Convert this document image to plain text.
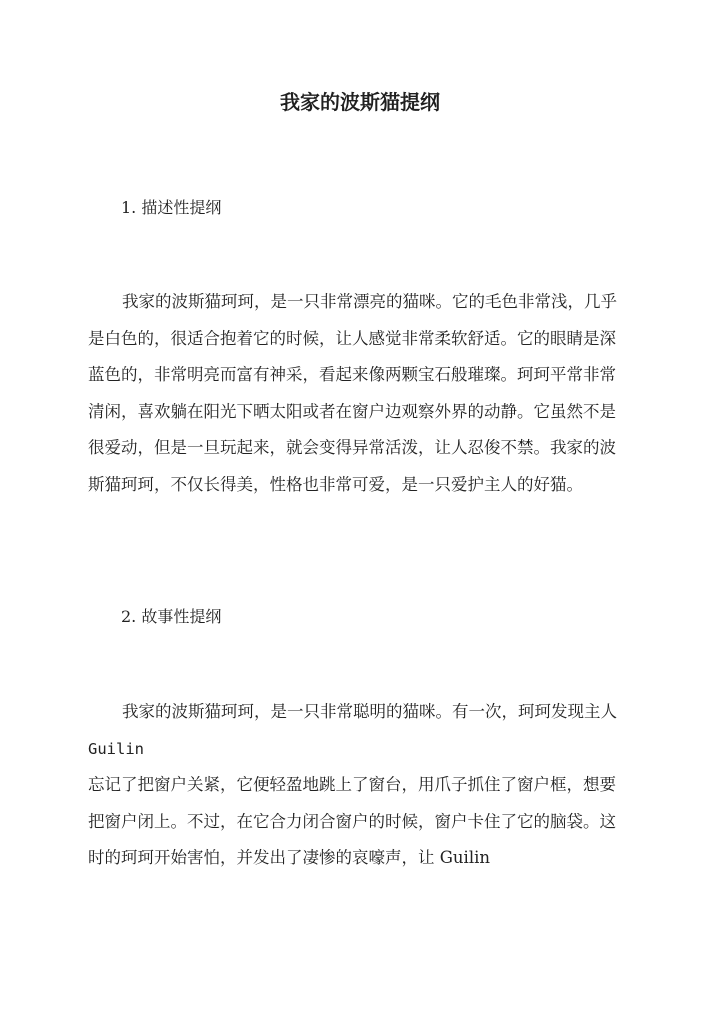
我家的波斯猫提纲
1. 描述性提纲
我家的波斯猫珂珂，是一只非常漂亮的猫咪。它的毛色非常浅，几乎
是白色的，很适合抱着它的时候，让人感觉非常柔软舒适。它的眼睛是深
蓝色的，非常明亮而富有神采，看起来像两颗宝石般璀璨。珂珂平常非常
清闲，喜欢躺在阳光下晒太阳或者在窗户边观察外界的动静。它虽然不是
很爱动，但是一旦玩起来，就会变得异常活泼，让人忍俊不禁。我家的波
斯猫珂珂，不仅长得美，性格也非常可爱，是一只爱护主人的好猫。
2. 故事性提纲
我家的波斯猫珂珂，是一只非常聪明的猫咪。有一次，珂珂发现主人
Guilin
忘记了把窗户关紧，它便轻盈地跳上了窗台，用爪子抓住了窗户框，想要
把窗户闭上。不过，在它合力闭合窗户的时候，窗户卡住了它的脑袋。这
时的珂珂开始害怕，并发出了凄惨的哀嚎声，让 Guilin
